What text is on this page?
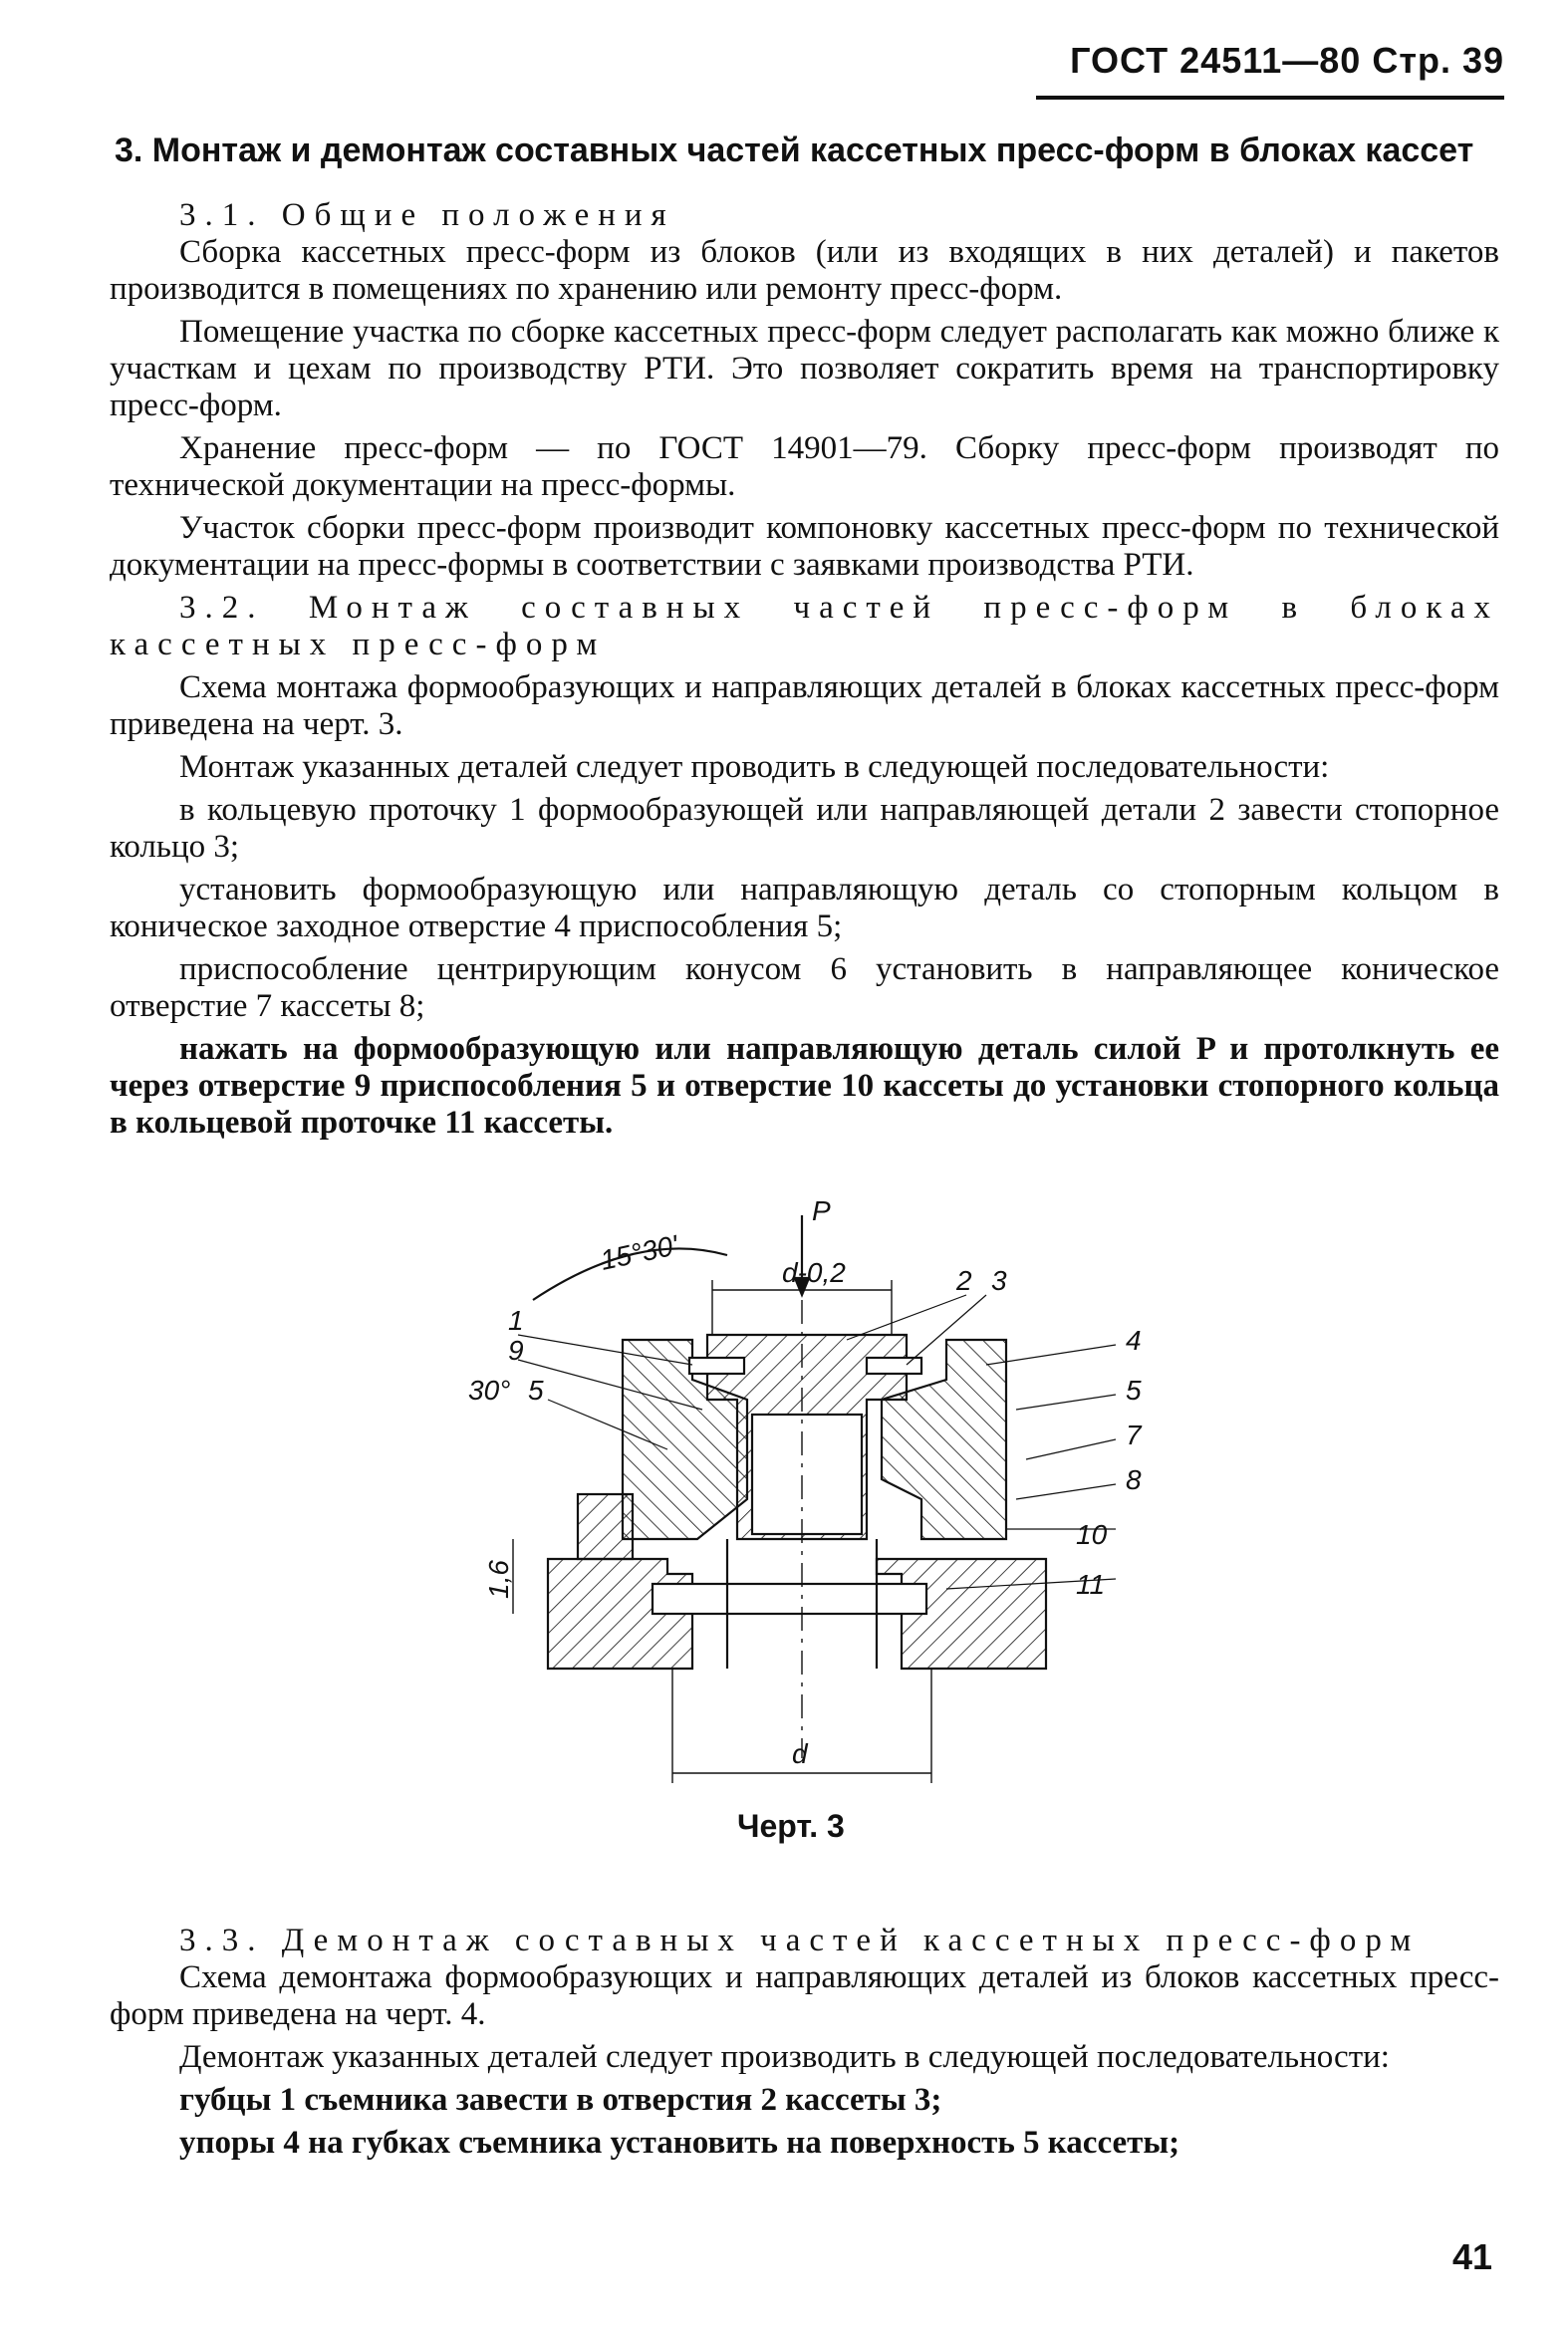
ГОСТ 24511—80 Стр. 39
3. Монтаж и демонтаж составных частей кассетных пресс-форм в блоках кассет

3.1. Общие положения

Сборка кассетных пресс-форм из блоков (или из входящих в них деталей) и пакетов производится в помещениях по хранению или ремонту пресс-форм.

Помещение участка по сборке кассетных пресс-форм следует располагать как можно ближе к участкам и цехам по производству РТИ. Это позволяет сократить время на транспортировку пресс-форм.

Хранение пресс-форм — по ГОСТ 14901—79. Сборку пресс-форм производят по технической документации на пресс-формы.

Участок сборки пресс-форм производит компоновку кассетных пресс-форм по технической документации на пресс-формы в соответствии с заявками производства РТИ.

3.2. Монтаж составных частей пресс-форм в блоках кассетных пресс-форм

Схема монтажа формообразующих и направляющих деталей в блоках кассетных пресс-форм приведена на черт. 3.

Монтаж указанных деталей следует проводить в следующей последовательности:

в кольцевую проточку 1 формообразующей или направляющей детали 2 завести стопорное кольцо 3;

установить формообразующую или направляющую деталь со стопорным кольцом в коническое заходное отверстие 4 приспособления 5;

приспособление центрирующим конусом 6 установить в направляющее коническое отверстие 7 кассеты 8;

нажать на формообразующую или направляющую деталь силой P и протолкнуть ее через отверстие 9 приспособления 5 и отверстие 10 кассеты до установки стопорного кольца в кольцевой проточке 11 кассеты.

15°30'
P
d-0,2	2 3
4
5
7
8
10
11
1
9
30° 5
1,6
d
Черт. 3

3.3. Демонтаж составных частей кассетных пресс-форм

Схема демонтажа формообразующих и направляющих деталей из блоков кассетных пресс-форм приведена на черт. 4.

Демонтаж указанных деталей следует производить в следующей последовательности:

губцы 1 съемника завести в отверстия 2 кассеты 3;

упоры 4 на губках съемника установить на поверхность 5 кассеты;

41
